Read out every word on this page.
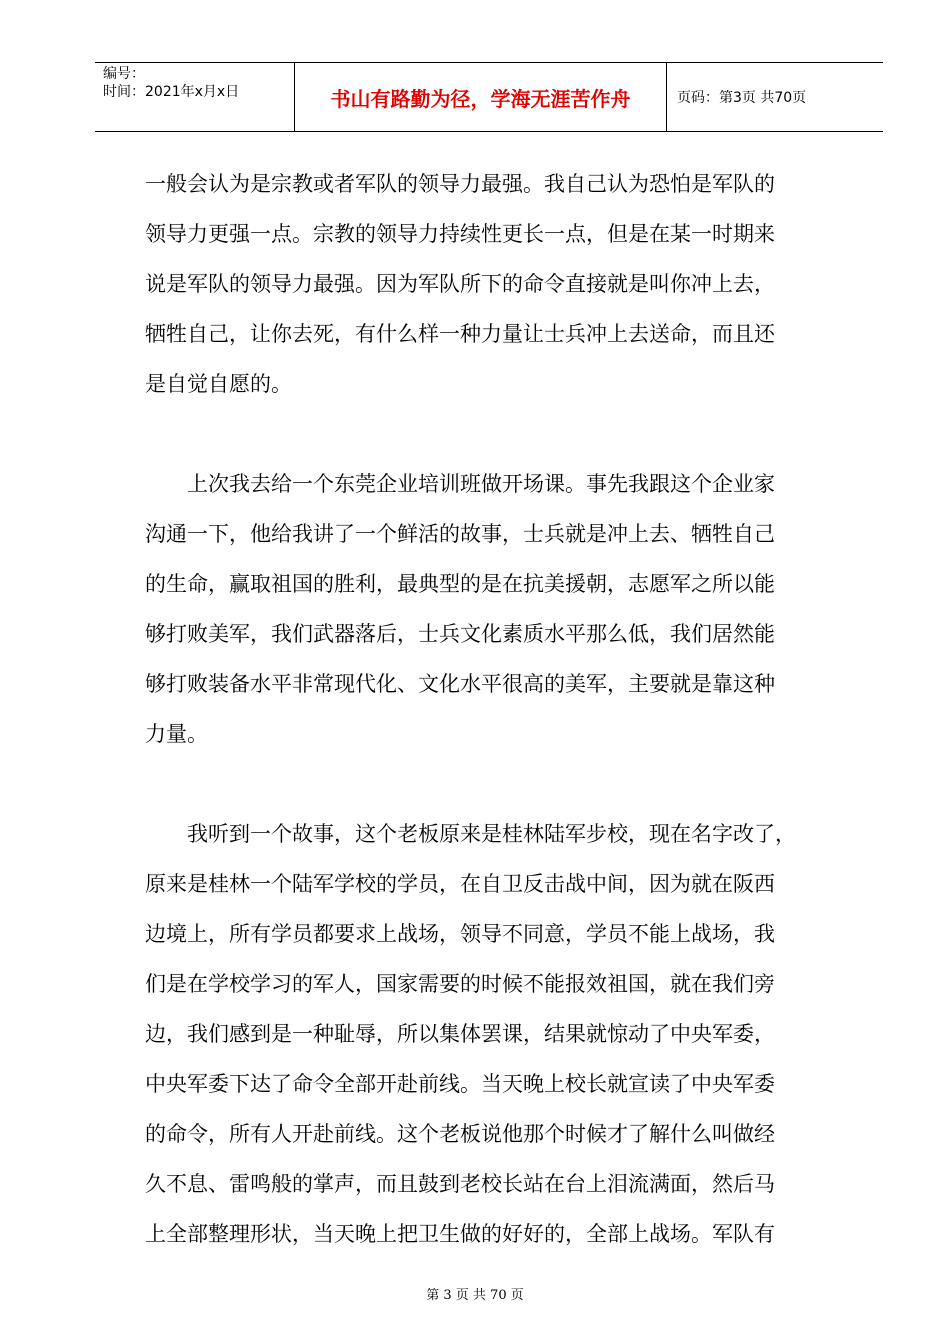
编号：
时间：2021年x月x日	书山有路勤为径，学海无涯苦作舟	页码：第3页 共70页
一般会认为是宗教或者军队的领导力最强。我自己认为恐怕是军队的
领导力更强一点。宗教的领导力持续性更长一点，但是在某一时期来
说是军队的领导力最强。因为军队所下的命令直接就是叫你冲上去，
牺牲自己，让你去死，有什么样一种力量让士兵冲上去送命，而且还
是自觉自愿的。
　　上次我去给一个东莞企业培训班做开场课。事先我跟这个企业家
沟通一下，他给我讲了一个鲜活的故事，士兵就是冲上去、牺牲自己
的生命，赢取祖国的胜利，最典型的是在抗美援朝，志愿军之所以能
够打败美军，我们武器落后，士兵文化素质水平那么低，我们居然能
够打败装备水平非常现代化、文化水平很高的美军，主要就是靠这种
力量。
　　我听到一个故事，这个老板原来是桂林陆军步校，现在名字改了，
原来是桂林一个陆军学校的学员，在自卫反击战中间，因为就在阪西
边境上，所有学员都要求上战场，领导不同意，学员不能上战场，我
们是在学校学习的军人，国家需要的时候不能报效祖国，就在我们旁
边，我们感到是一种耻辱，所以集体罢课，结果就惊动了中央军委，
中央军委下达了命令全部开赴前线。当天晚上校长就宣读了中央军委
的命令，所有人开赴前线。这个老板说他那个时候才了解什么叫做经
久不息、雷鸣般的掌声，而且鼓到老校长站在台上泪流满面，然后马
上全部整理形状，当天晚上把卫生做的好好的，全部上战场。军队有
第 3 页 共 70 页
